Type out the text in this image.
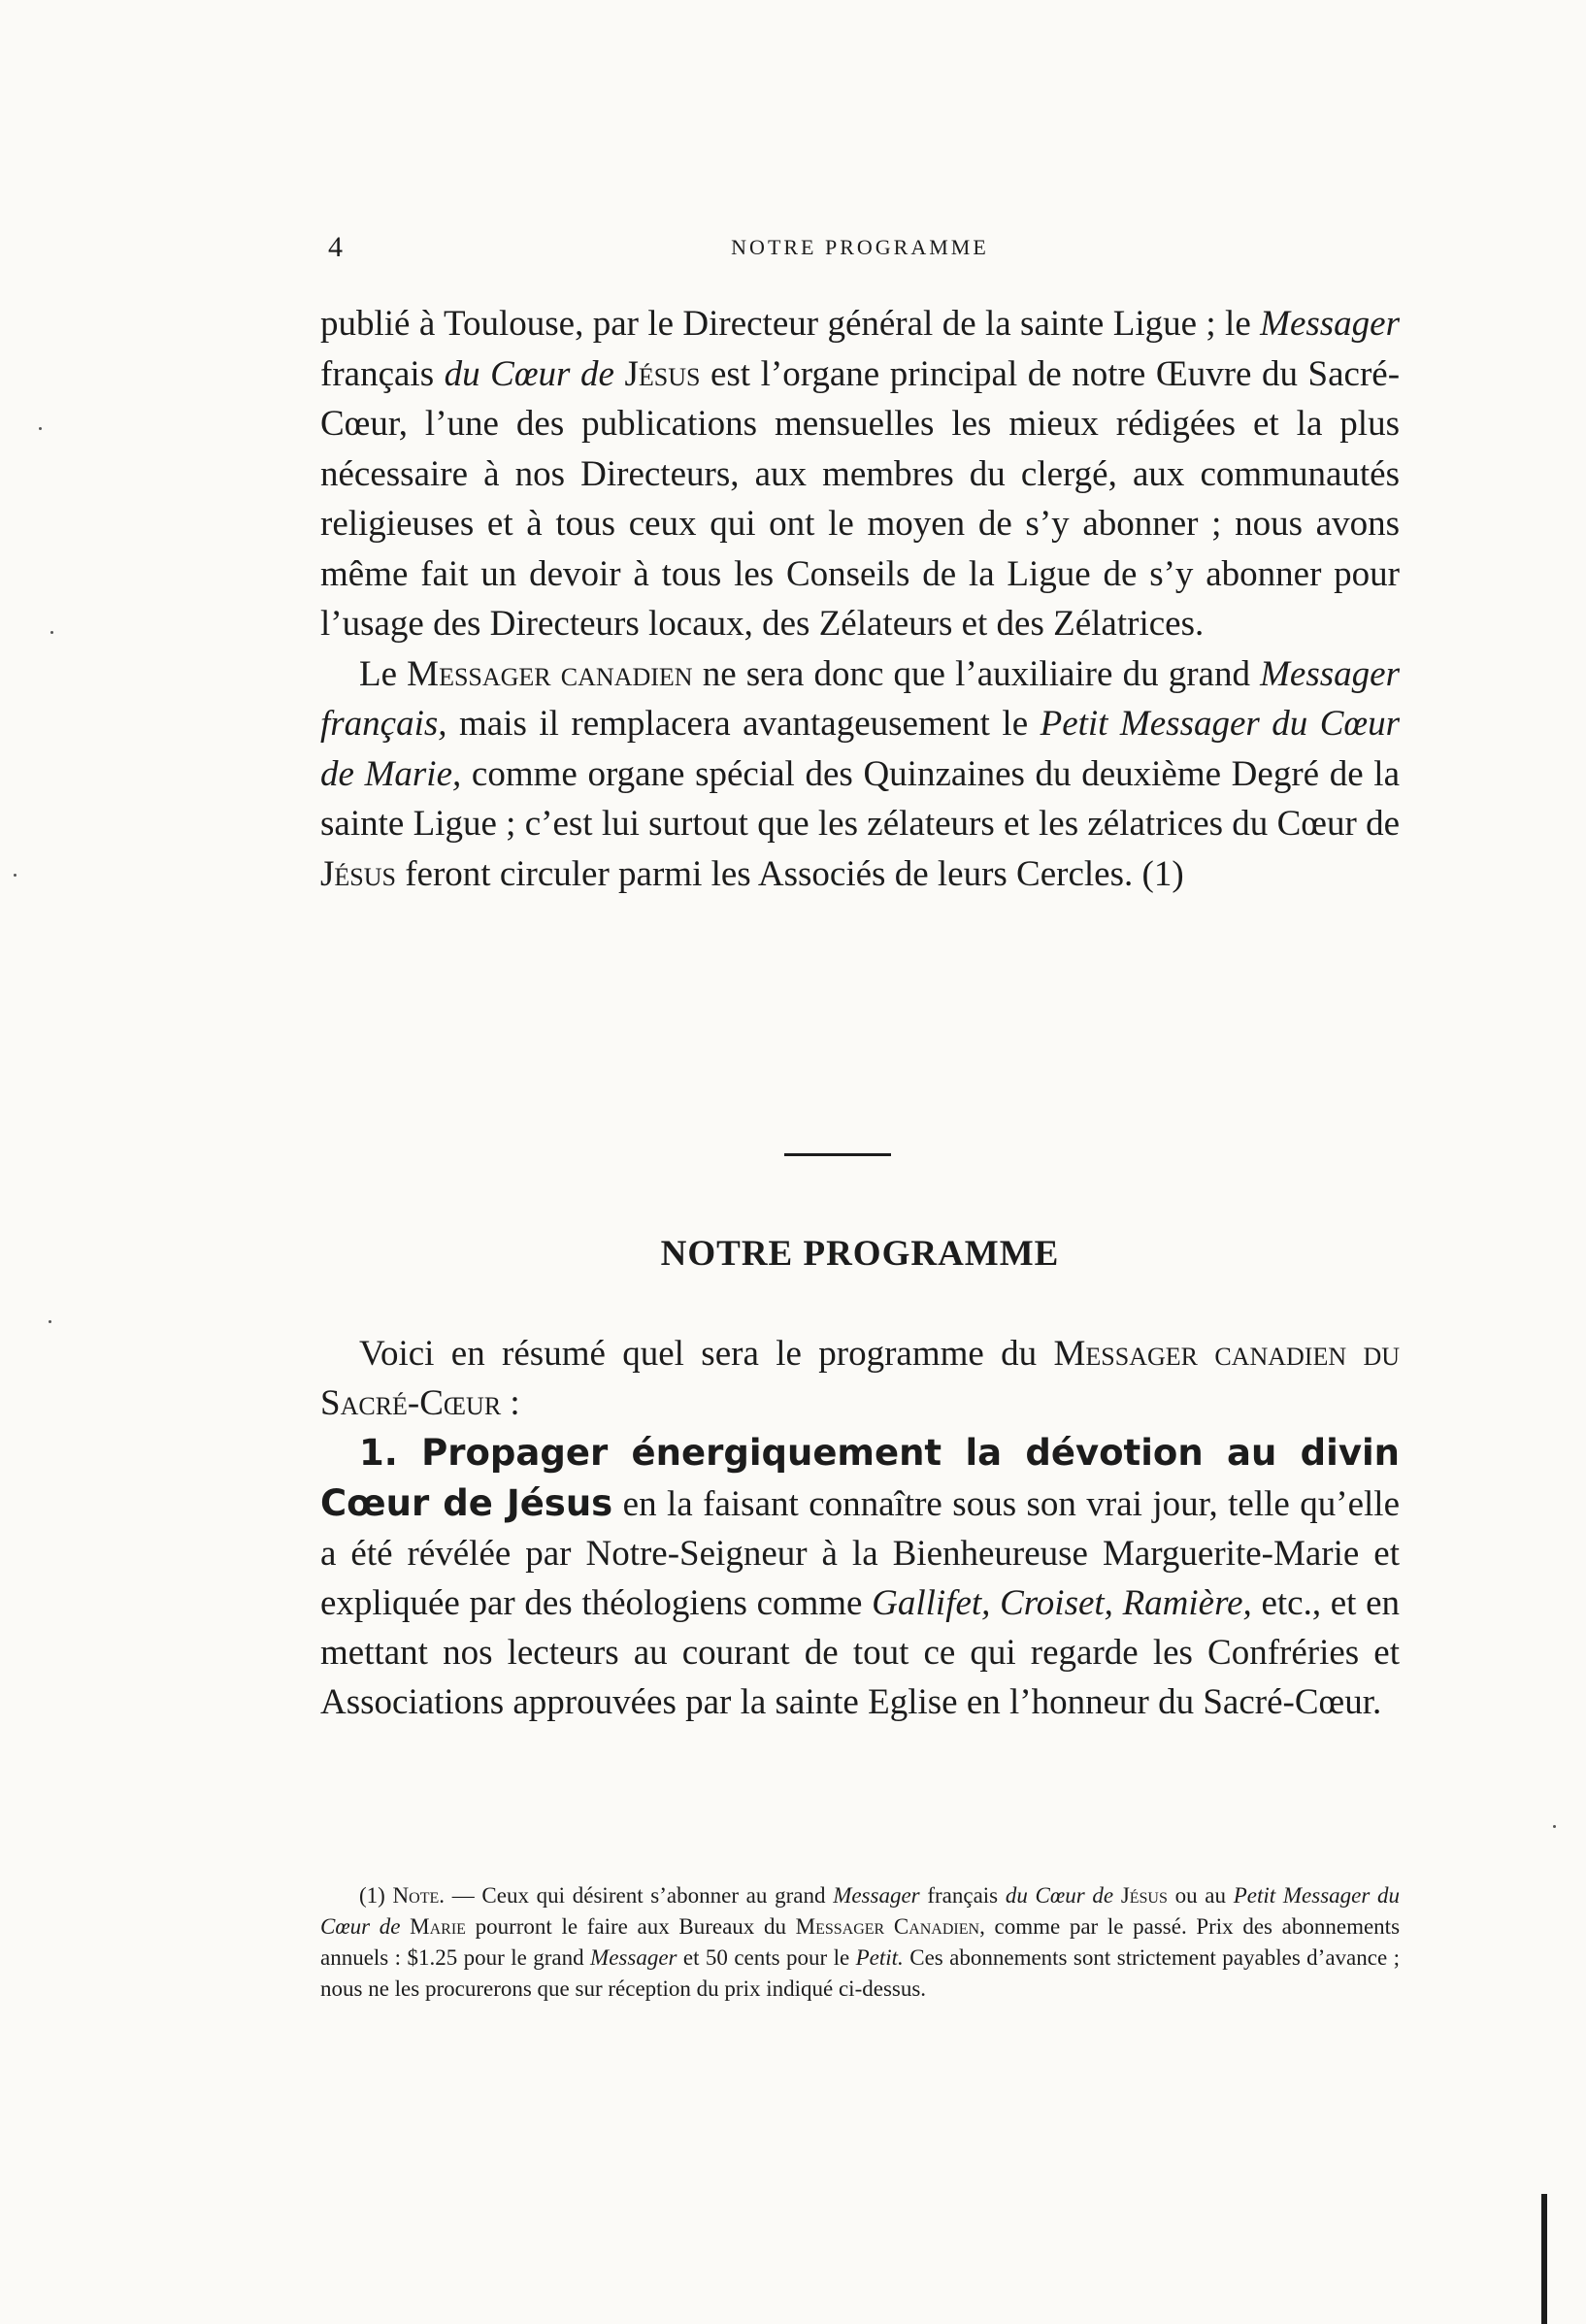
4	NOTRE PROGRAMME

publié à Toulouse, par le Directeur général de la sainte Ligue ; le Messager français du Cœur de Jésus est l’organe principal de notre Œuvre du Sacré-Cœur, l’une des publications mensuelles les mieux rédigées et la plus nécessaire à nos Directeurs, aux membres du clergé, aux communautés religieuses et à tous ceux qui ont le moyen de s’y abonner ; nous avons même fait un devoir à tous les Conseils de la Ligue de s’y abonner pour l’usage des Directeurs locaux, des Zélateurs et des Zélatrices.

Le Messager canadien ne sera donc que l’auxiliaire du grand Messager français, mais il remplacera avantageusement le Petit Messager du Cœur de Marie, comme organe spécial des Quinzaines du deuxième Degré de la sainte Ligue ; c’est lui surtout que les zélateurs et les zélatrices du Cœur de Jésus feront circuler parmi les Associés de leurs Cercles. (1)

NOTRE PROGRAMME

Voici en résumé quel sera le programme du Messager canadien du Sacré-Cœur :

1. Propager énergiquement la dévotion au divin Cœur de Jésus en la faisant connaître sous son vrai jour, telle qu’elle a été révélée par Notre-Seigneur à la Bienheureuse Marguerite-Marie et expliquée par des théologiens comme Gallifet, Croiset, Ramière, etc., et en mettant nos lecteurs au courant de tout ce qui regarde les Confréries et Associations approuvées par la sainte Eglise en l’honneur du Sacré-Cœur.

(1) Note. — Ceux qui désirent s’abonner au grand Messager français du Cœur de Jésus ou au Petit Messager du Cœur de Marie pourront le faire aux Bureaux du Messager Canadien, comme par le passé. Prix des abonnements annuels : $1.25 pour le grand Messager et 50 cents pour le Petit. Ces abonnements sont strictement payables d’avance ; nous ne les procurerons que sur réception du prix indiqué ci-dessus.
